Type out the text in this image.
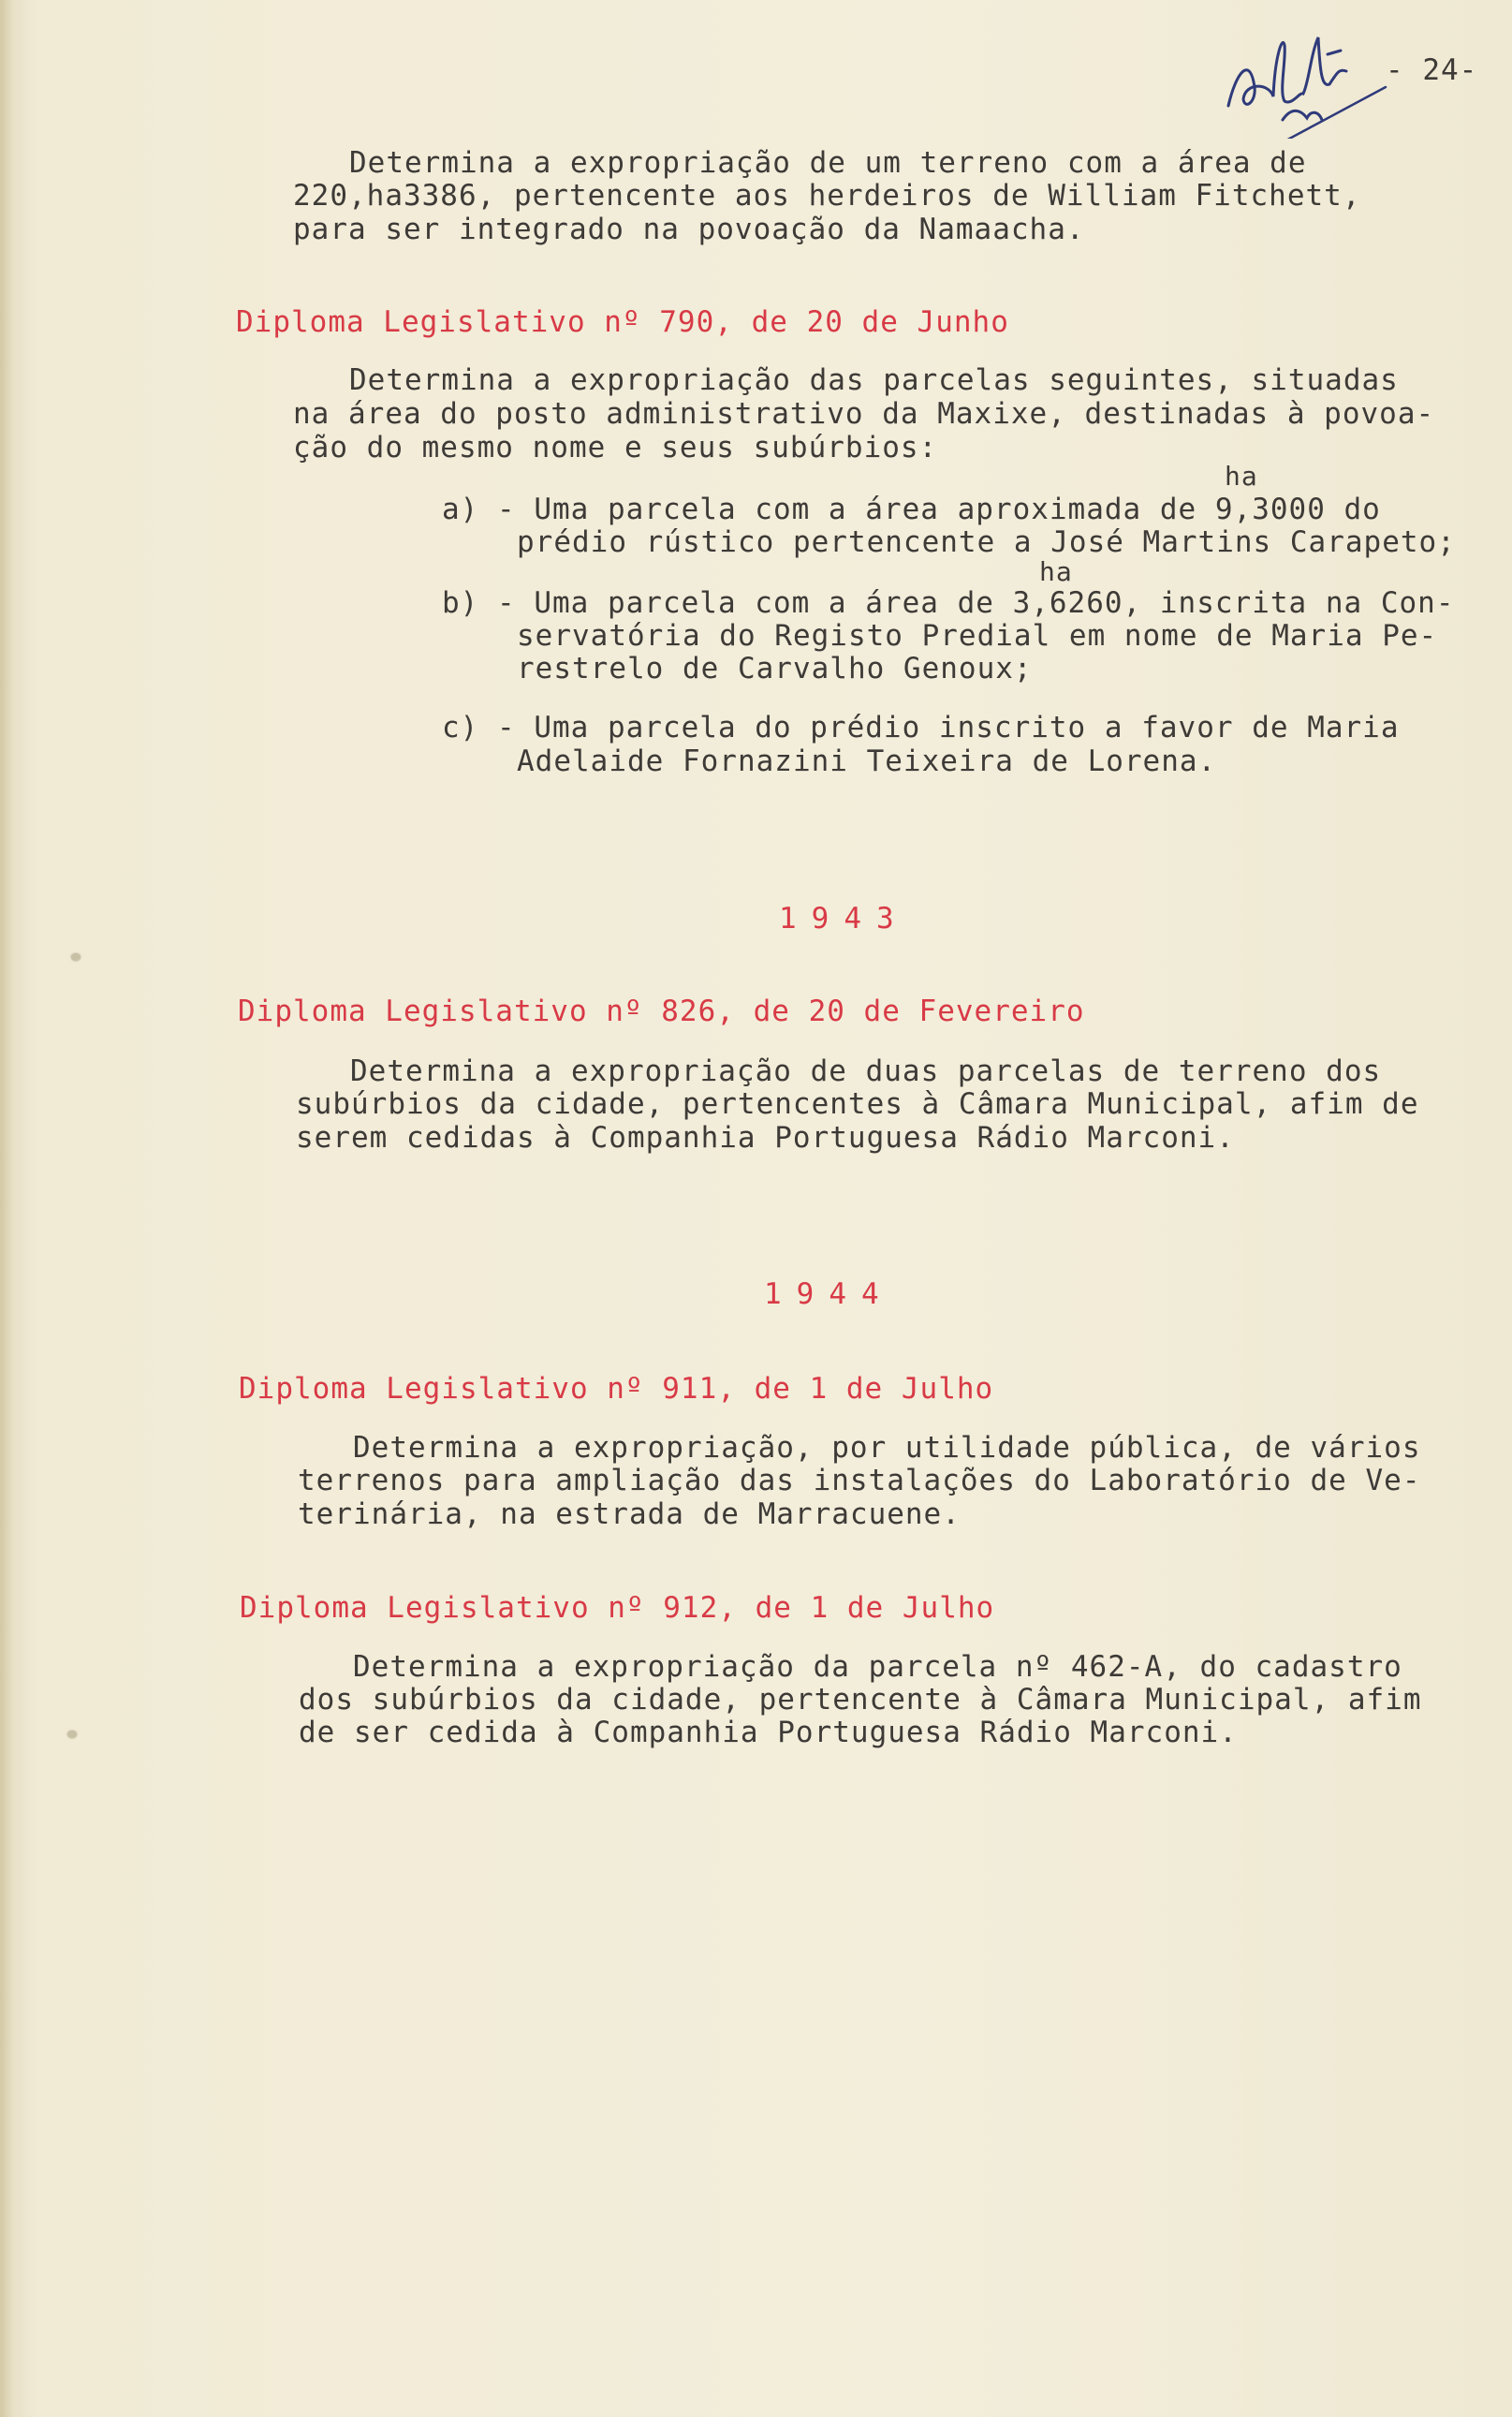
- 24-
Determina a expropriação de um terreno com a área de
220,ha3386, pertencente aos herdeiros de William Fitchett,
para ser integrado na povoação da Namaacha.
Diploma Legislativo nº 790, de 20 de Junho
Determina a expropriação das parcelas seguintes, situadas
na área do posto administrativo da Maxixe, destinadas à povoa-
ção do mesmo nome e seus subúrbios:
ha
a) - Uma parcela com a área aproximada de 9,3000 do
prédio rústico pertencente a José Martins Carapeto;
ha
b) - Uma parcela com a área de 3,6260, inscrita na Con-
servatória do Registo Predial em nome de Maria Pe-
restrelo de Carvalho Genoux;
c) - Uma parcela do prédio inscrito a favor de Maria
Adelaide Fornazini Teixeira de Lorena.
1943
Diploma Legislativo nº 826, de 20 de Fevereiro
Determina a expropriação de duas parcelas de terreno dos
subúrbios da cidade, pertencentes à Câmara Municipal, afim de
serem cedidas à Companhia Portuguesa Rádio Marconi.
1944
Diploma Legislativo nº 911, de 1 de Julho
Determina a expropriação, por utilidade pública, de vários
terrenos para ampliação das instalações do Laboratório de Ve-
terinária, na estrada de Marracuene.
Diploma Legislativo nº 912, de 1 de Julho
Determina a expropriação da parcela nº 462-A, do cadastro
dos subúrbios da cidade, pertencente à Câmara Municipal, afim
de ser cedida à Companhia Portuguesa Rádio Marconi.
